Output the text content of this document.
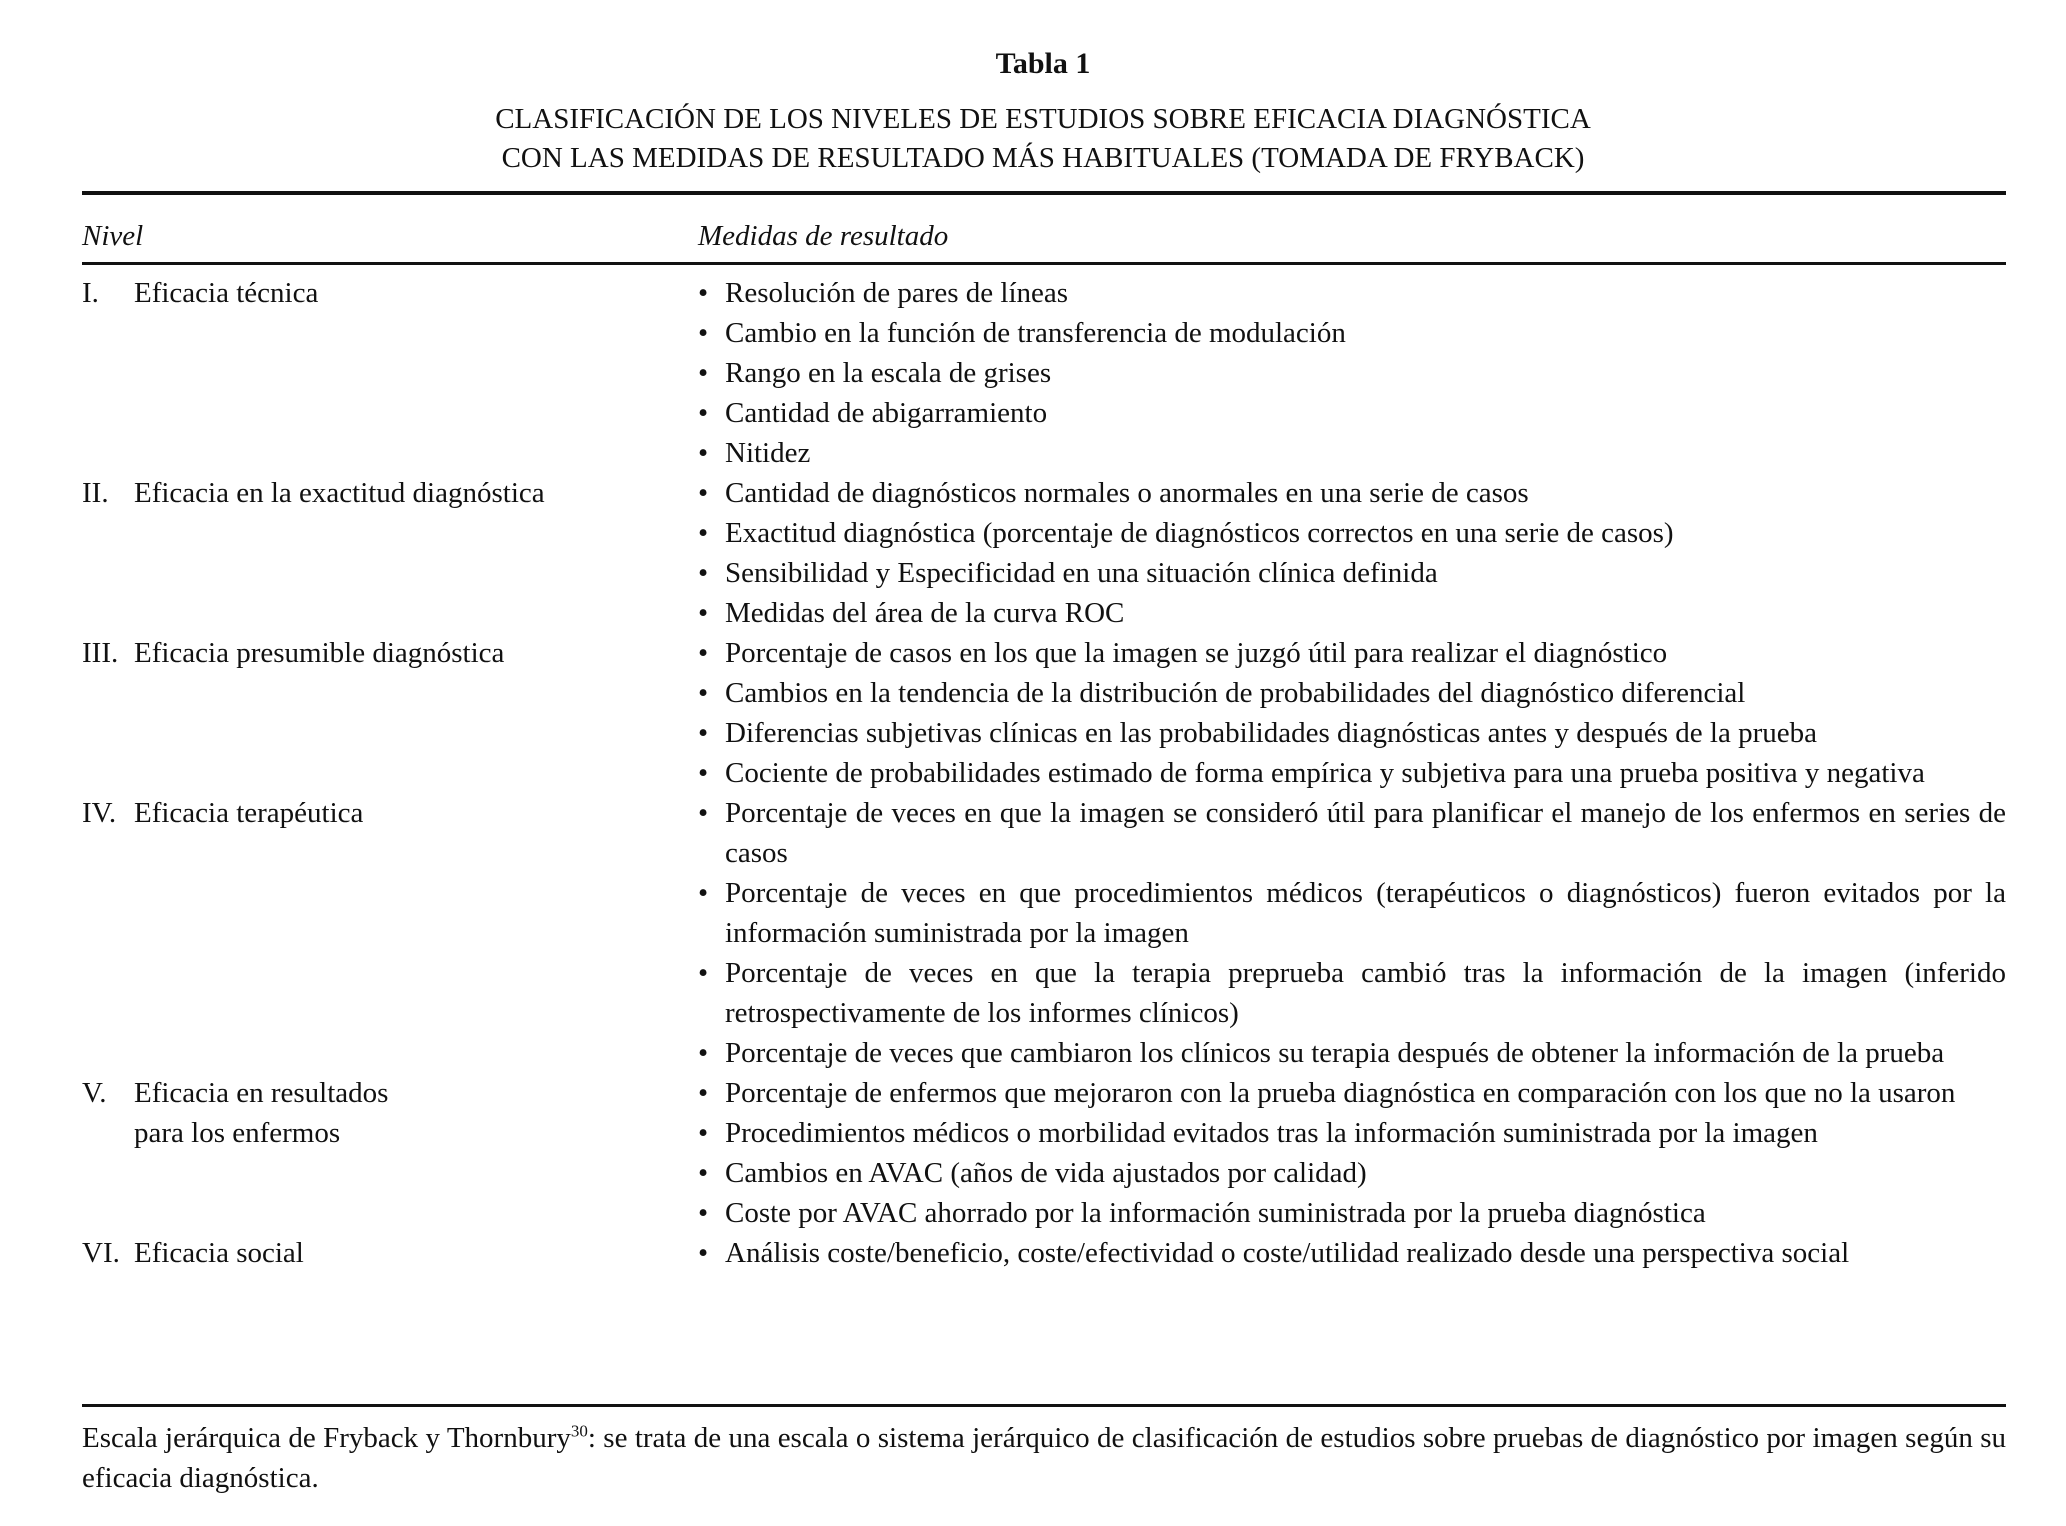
Tabla 1
CLASIFICACIÓN DE LOS NIVELES DE ESTUDIOS SOBRE EFICACIA DIAGNÓSTICA
CON LAS MEDIDAS DE RESULTADO MÁS HABITUALES (TOMADA DE FRYBACK)
Nivel	Medidas de resultado
I.	Eficacia técnica	• Resolución de pares de líneas
• Cambio en la función de transferencia de modulación
• Rango en la escala de grises
• Cantidad de abigarramiento
• Nitidez
II. Eficacia en la exactitud diagnóstica	• Cantidad de diagnósticos normales o anormales en una serie de casos
• Exactitud diagnóstica (porcentaje de diagnósticos correctos en una serie de casos)
• Sensibilidad y Especificidad en una situación clínica definida
• Medidas del área de la curva ROC
III. Eficacia presumible diagnóstica	• Porcentaje de casos en los que la imagen se juzgó útil para realizar el diagnóstico
• Cambios en la tendencia de la distribución de probabilidades del diagnóstico diferencial
• Diferencias subjetivas clínicas en las probabilidades diagnósticas antes y después de la prueba
• Cociente de probabilidades estimado de forma empírica y subjetiva para una prueba positiva y negativa
IV. Eficacia terapéutica	• Porcentaje de veces en que la imagen se consideró útil para planificar el manejo de los enfermos en series de casos
• Porcentaje de veces en que procedimientos médicos (terapéuticos o diagnósticos) fueron evitados por la información suministrada por la imagen
• Porcentaje de veces en que la terapia preprueba cambió tras la información de la imagen (inferido retrospectivamente de los informes clínicos)
• Porcentaje de veces que cambiaron los clínicos su terapia después de obtener la información de la prueba
V. Eficacia en resultados para los enfermos
• Porcentaje de enfermos que mejoraron con la prueba diagnóstica en comparación con los que no la usaron
• Procedimientos médicos o morbilidad evitados tras la información suministrada por la imagen
• Cambios en AVAC (años de vida ajustados por calidad)
• Coste por AVAC ahorrado por la información suministrada por la prueba diagnóstica
VI. Eficacia social	• Análisis coste/beneficio, coste/efectividad o coste/utilidad realizado desde una perspectiva social
Escala jerárquica de Fryback y Thornbury$^{30}$: se trata de una escala o sistema jerárquico de clasificación de estudios sobre pruebas de diagnóstico por imagen según su eficacia diagnóstica.
